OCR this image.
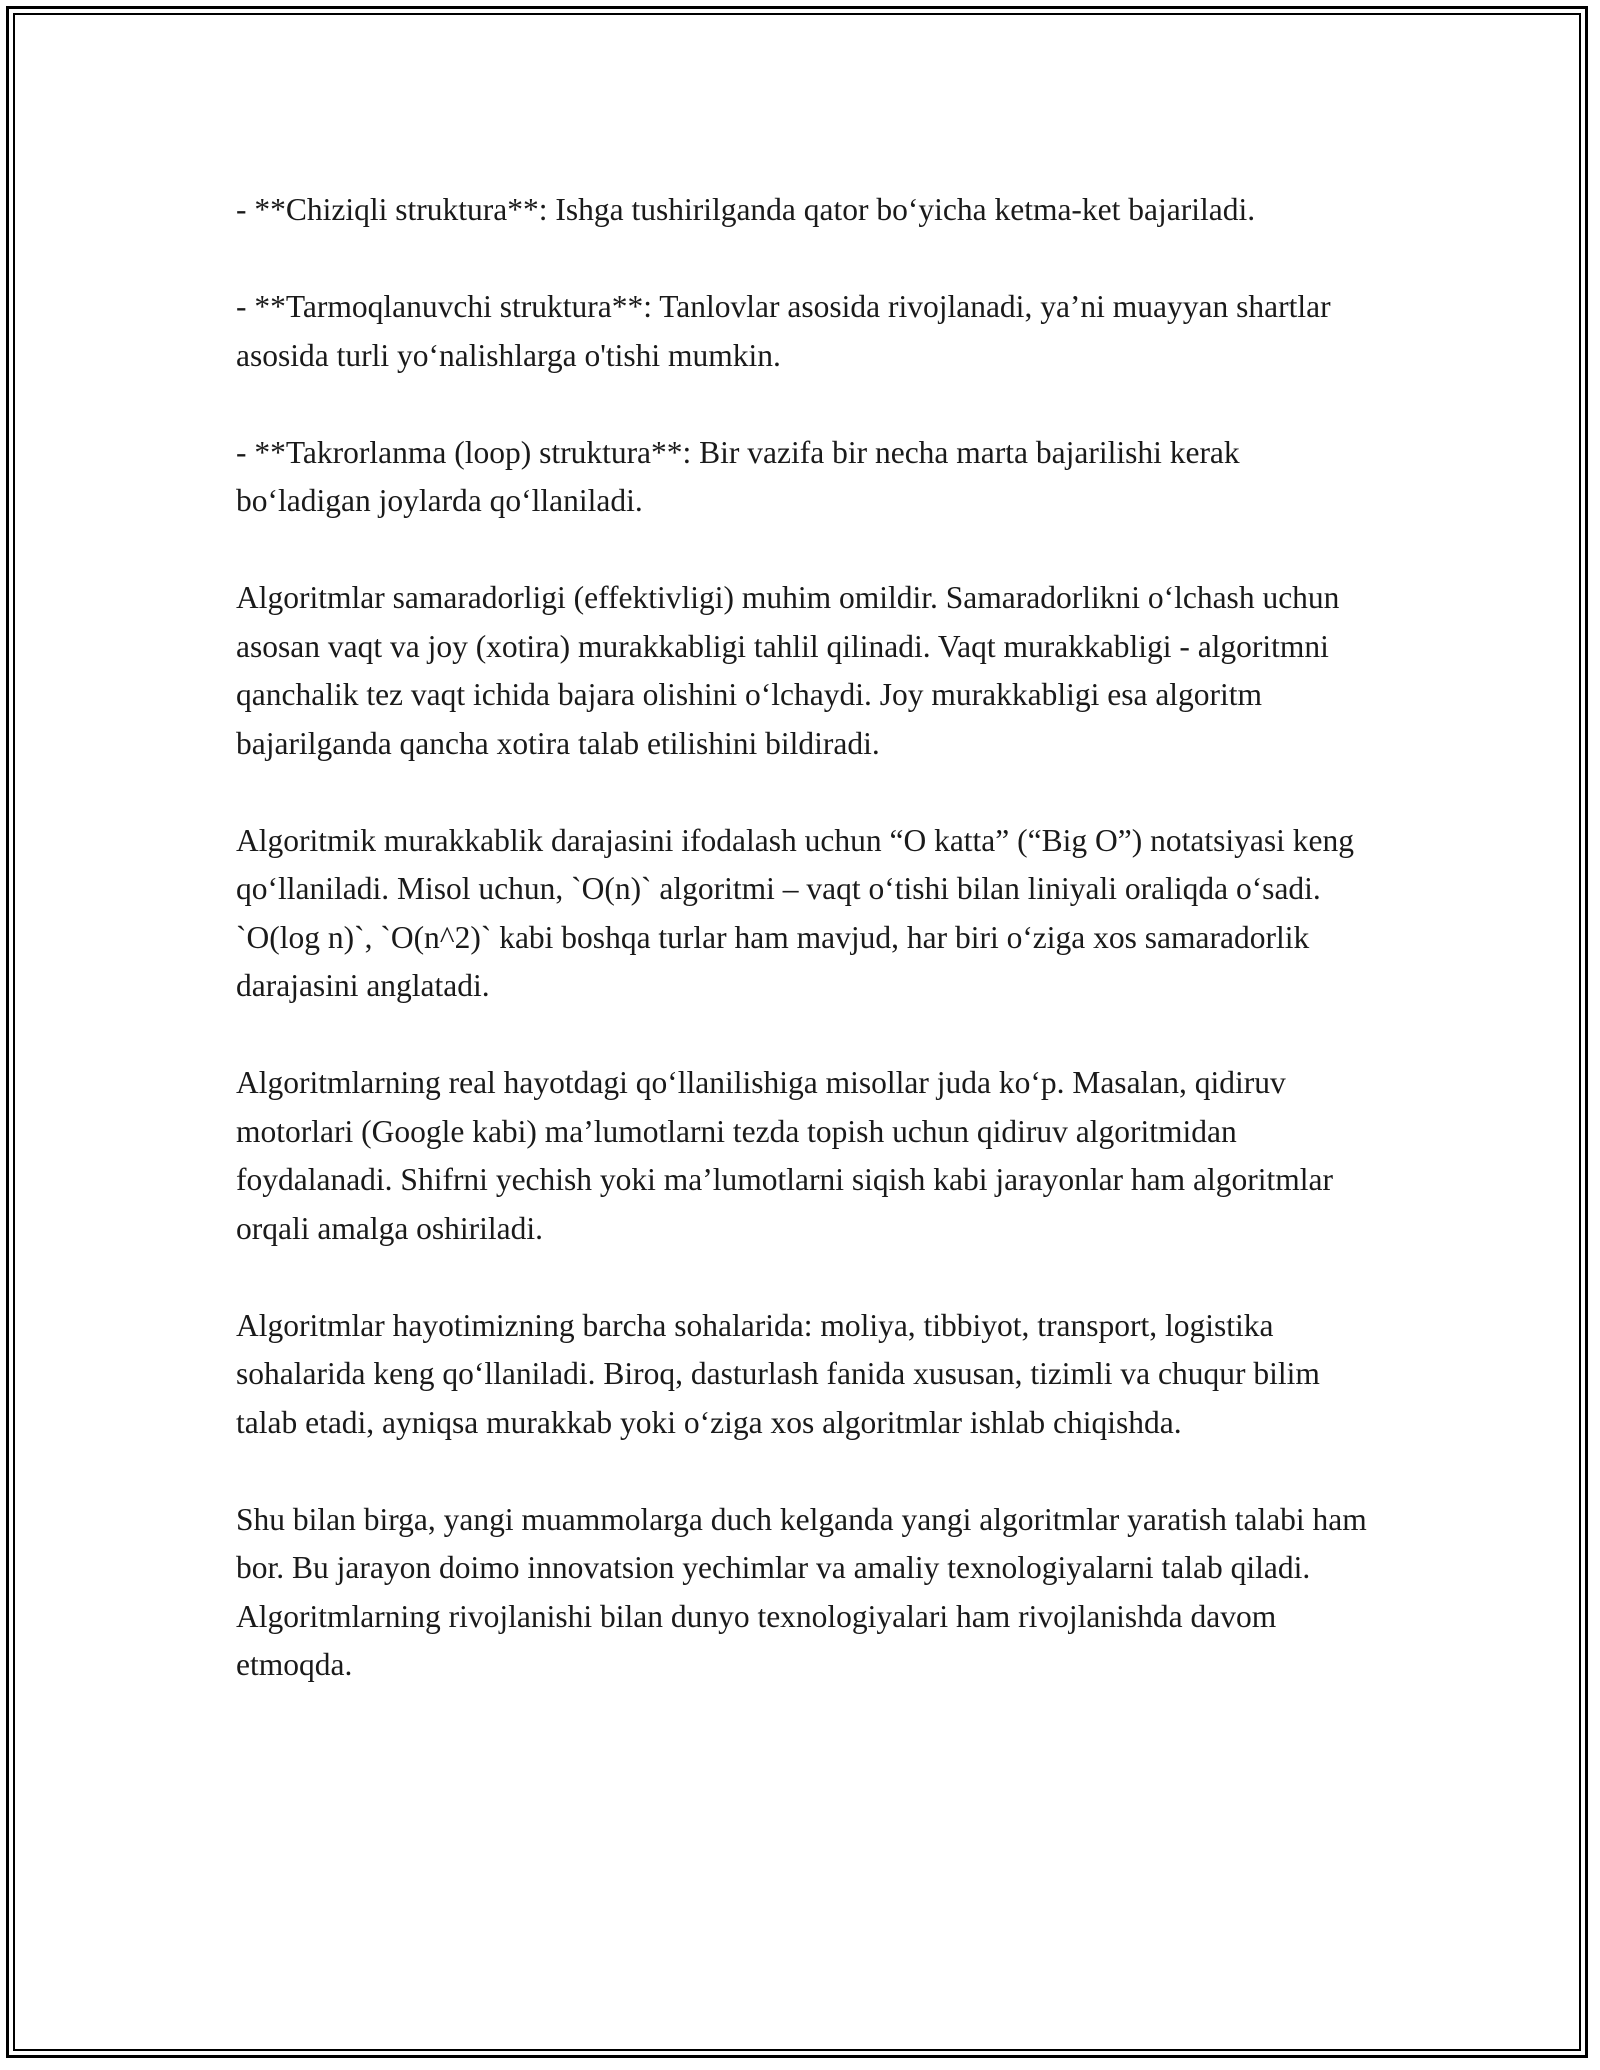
- **Chiziqli struktura**: Ishga tushirilganda qator bo‘yicha ketma-ket bajariladi.

- **Tarmoqlanuvchi struktura**: Tanlovlar asosida rivojlanadi, ya’ni muayyan shartlar asosida turli yo‘nalishlarga o'tishi mumkin.

- **Takrorlanma (loop) struktura**: Bir vazifa bir necha marta bajarilishi kerak bo‘ladigan joylarda qo‘llaniladi.

Algoritmlar samaradorligi (effektivligi) muhim omildir. Samaradorlikni o‘lchash uchun asosan vaqt va joy (xotira) murakkabligi tahlil qilinadi. Vaqt murakkabligi - algoritmni qanchalik tez vaqt ichida bajara olishini o‘lchaydi. Joy murakkabligi esa algoritm bajarilganda qancha xotira talab etilishini bildiradi.

Algoritmik murakkablik darajasini ifodalash uchun “O katta” (“Big O”) notatsiyasi keng qo‘llaniladi. Misol uchun, `O(n)` algoritmi – vaqt o‘tishi bilan liniyali oraliqda o‘sadi. `O(log n)`, `O(n^2)` kabi boshqa turlar ham mavjud, har biri o‘ziga xos samaradorlik darajasini anglatadi.

Algoritmlarning real hayotdagi qo‘llanilishiga misollar juda ko‘p. Masalan, qidiruv motorlari (Google kabi) ma’lumotlarni tezda topish uchun qidiruv algoritmidan foydalanadi. Shifrni yechish yoki ma’lumotlarni siqish kabi jarayonlar ham algoritmlar orqali amalga oshiriladi.

Algoritmlar hayotimizning barcha sohalarida: moliya, tibbiyot, transport, logistika sohalarida keng qo‘llaniladi. Biroq, dasturlash fanida xususan, tizimli va chuqur bilim talab etadi, ayniqsa murakkab yoki o‘ziga xos algoritmlar ishlab chiqishda.

Shu bilan birga, yangi muammolarga duch kelganda yangi algoritmlar yaratish talabi ham bor. Bu jarayon doimo innovatsion yechimlar va amaliy texnologiyalarni talab qiladi. Algoritmlarning rivojlanishi bilan dunyo texnologiyalari ham rivojlanishda davom etmoqda.
